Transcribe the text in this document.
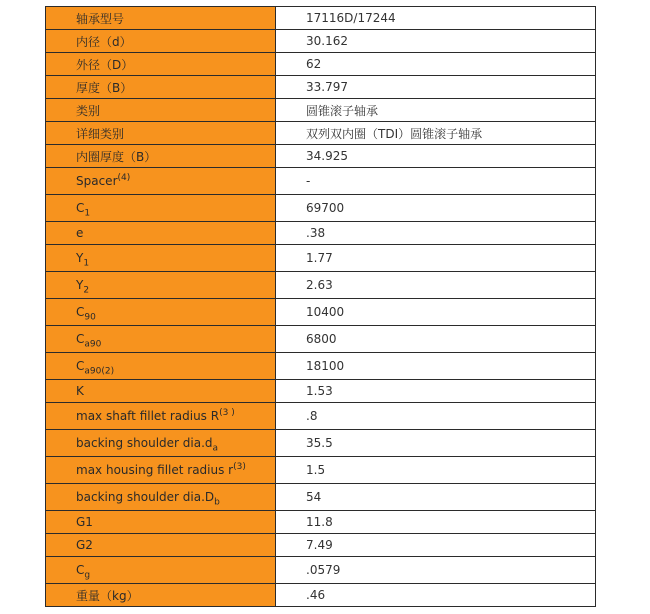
轴承型号	17116D/17244
内径（d）	30.162
外径（D）	62
厚度（B）	33.797
类别	圆锥滚子轴承
详细类别	双列双内圈（TDI）圆锥滚子轴承
内圈厚度（B）	34.925
Spacer$^{(4)}$	-
$C_1$	69700
e	.38
$Y_1$	1.77
$Y_2$	2.63
$C_{90}$	10400
$C_{a90}$	6800
$C_{a90(2)}$	18100
K	1.53
max shaft fillet radius $R^{(3 )}$	.8
backing shoulder $dia.d_a$	35.5
max housing fillet radius $r^{(3)}$	1.5
backing shoulder $dia.D_b$	54
G1	11.8
G2	7.49
$C_g$	.0579
重量（kg）	.46
